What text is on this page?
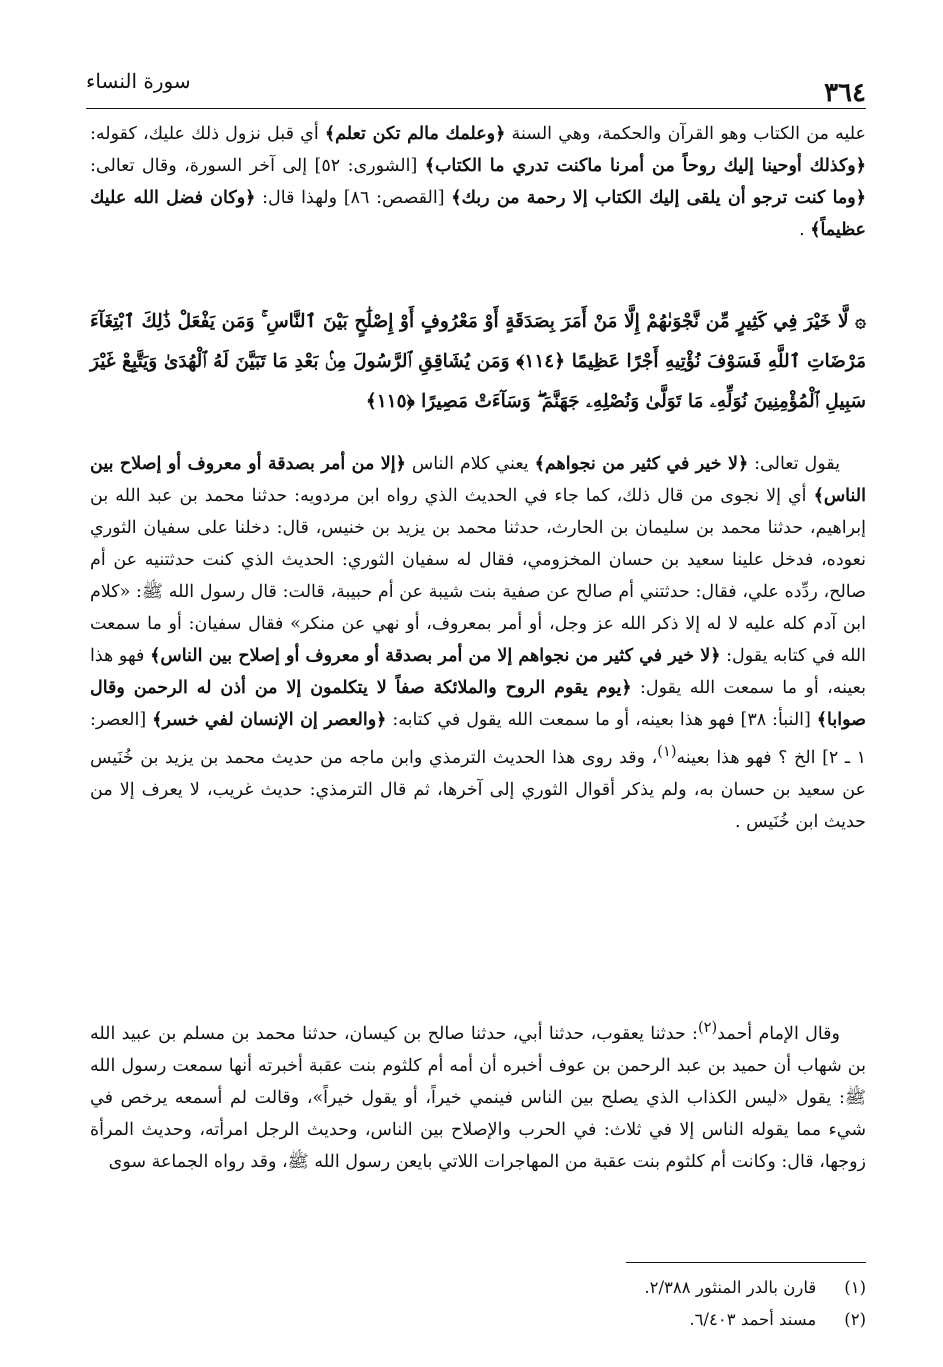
٣٦٤
سورة النساء

عليه من الكتاب وهو القرآن والحكمة، وهي السنة ﴿وعلمك مالم تكن تعلم﴾ أي قبل نزول ذلك عليك، كقوله: ﴿وكذلك أوحينا إليك روحاً من أمرنا ماكنت تدري ما الكتاب﴾ [الشورى: ٥٢] إلى آخر السورة، وقال تعالى: ﴿وما كنت ترجو أن يلقى إليك الكتاب إلا رحمة من ربك﴾ [القصص: ٨٦] ولهذا قال: ﴿وكان فضل الله عليك عظيماً﴾ .

۞ لَّا خَيْرَ فِي كَثِيرٍ مِّن نَّجْوَىٰهُمْ إِلَّا مَنْ أَمَرَ بِصَدَقَةٍ أَوْ مَعْرُوفٍ أَوْ إِصْلَٰحٍ بَيْنَ ٱلنَّاسِ ۚ وَمَن يَفْعَلْ ذَٰلِكَ ٱبْتِغَآءَ مَرْضَاتِ ٱللَّهِ فَسَوْفَ نُؤْتِيهِ أَجْرًا عَظِيمًا ﴿١١٤﴾ وَمَن يُشَاقِقِ ٱلرَّسُولَ مِنۢ بَعْدِ مَا تَبَيَّنَ لَهُ ٱلْهُدَىٰ وَيَتَّبِعْ غَيْرَ سَبِيلِ ٱلْمُؤْمِنِينَ نُوَلِّهِۦ مَا تَوَلَّىٰ وَنُصْلِهِۦ جَهَنَّمَ ۖ وَسَآءَتْ مَصِيرًا ﴿١١٥﴾

يقول تعالى: ﴿لا خير في كثير من نجواهم﴾ يعني كلام الناس ﴿إلا من أمر بصدقة أو معروف أو إصلاح بين الناس﴾ أي إلا نجوى من قال ذلك، كما جاء في الحديث الذي رواه ابن مردويه: حدثنا محمد بن عبد الله بن إبراهيم، حدثنا محمد بن سليمان بن الحارث، حدثنا محمد بن يزيد بن خنيس، قال: دخلنا على سفيان الثوري نعوده، فدخل علينا سعيد بن حسان المخزومي، فقال له سفيان الثوري: الحديث الذي كنت حدثتنيه عن أم صالح، ردِّده علي، فقال: حدثتني أم صالح عن صفية بنت شيبة عن أم حبيبة، قالت: قال رسول الله ﷺ: «كلام ابن آدم كله عليه لا له إلا ذكر الله عز وجل، أو أمر بمعروف، أو نهي عن منكر» فقال سفيان: أو ما سمعت الله في كتابه يقول: ﴿لا خير في كثير من نجواهم إلا من أمر بصدقة أو معروف أو إصلاح بين الناس﴾ فهو هذا بعينه، أو ما سمعت الله يقول: ﴿يوم يقوم الروح والملائكة صفاً لا يتكلمون إلا من أذن له الرحمن وقال صوابا﴾ [النبأ: ٣٨] فهو هذا بعينه، أو ما سمعت الله يقول في كتابه: ﴿والعصر إن الإنسان لفي خسر﴾ [العصر: ١ ـ ٢] الخ ؟ فهو هذا بعينه$^{(١)}$، وقد روى هذا الحديث الترمذي وابن ماجه من حديث محمد بن يزيد بن خُنَيس عن سعيد بن حسان به، ولم يذكر أقوال الثوري إلى آخرها، ثم قال الترمذي: حديث غريب، لا يعرف إلا من حديث ابن خُنَيس .

وقال الإمام أحمد$^{(٢)}$: حدثنا يعقوب، حدثنا أبي، حدثنا صالح بن كيسان، حدثنا محمد بن مسلم بن عبيد الله بن شهاب أن حميد بن عبد الرحمن بن عوف أخبره أن أمه أم كلثوم بنت عقبة أخبرته أنها سمعت رسول الله ﷺ: يقول «ليس الكذاب الذي يصلح بين الناس فينمي خيراً، أو يقول خيراً»، وقالت لم أسمعه يرخص في شيء مما يقوله الناس إلا في ثلاث: في الحرب والإصلاح بين الناس، وحديث الرجل امرأته، وحديث المرأة زوجها، قال: وكانت أم كلثوم بنت عقبة من المهاجرات اللاتي بايعن رسول الله ﷺ، وقد رواه الجماعة سوى

(١)
قارن بالدر المنثور ٢/٣٨٨.
(٢)
مسند أحمد ٦/٤٠٣.
